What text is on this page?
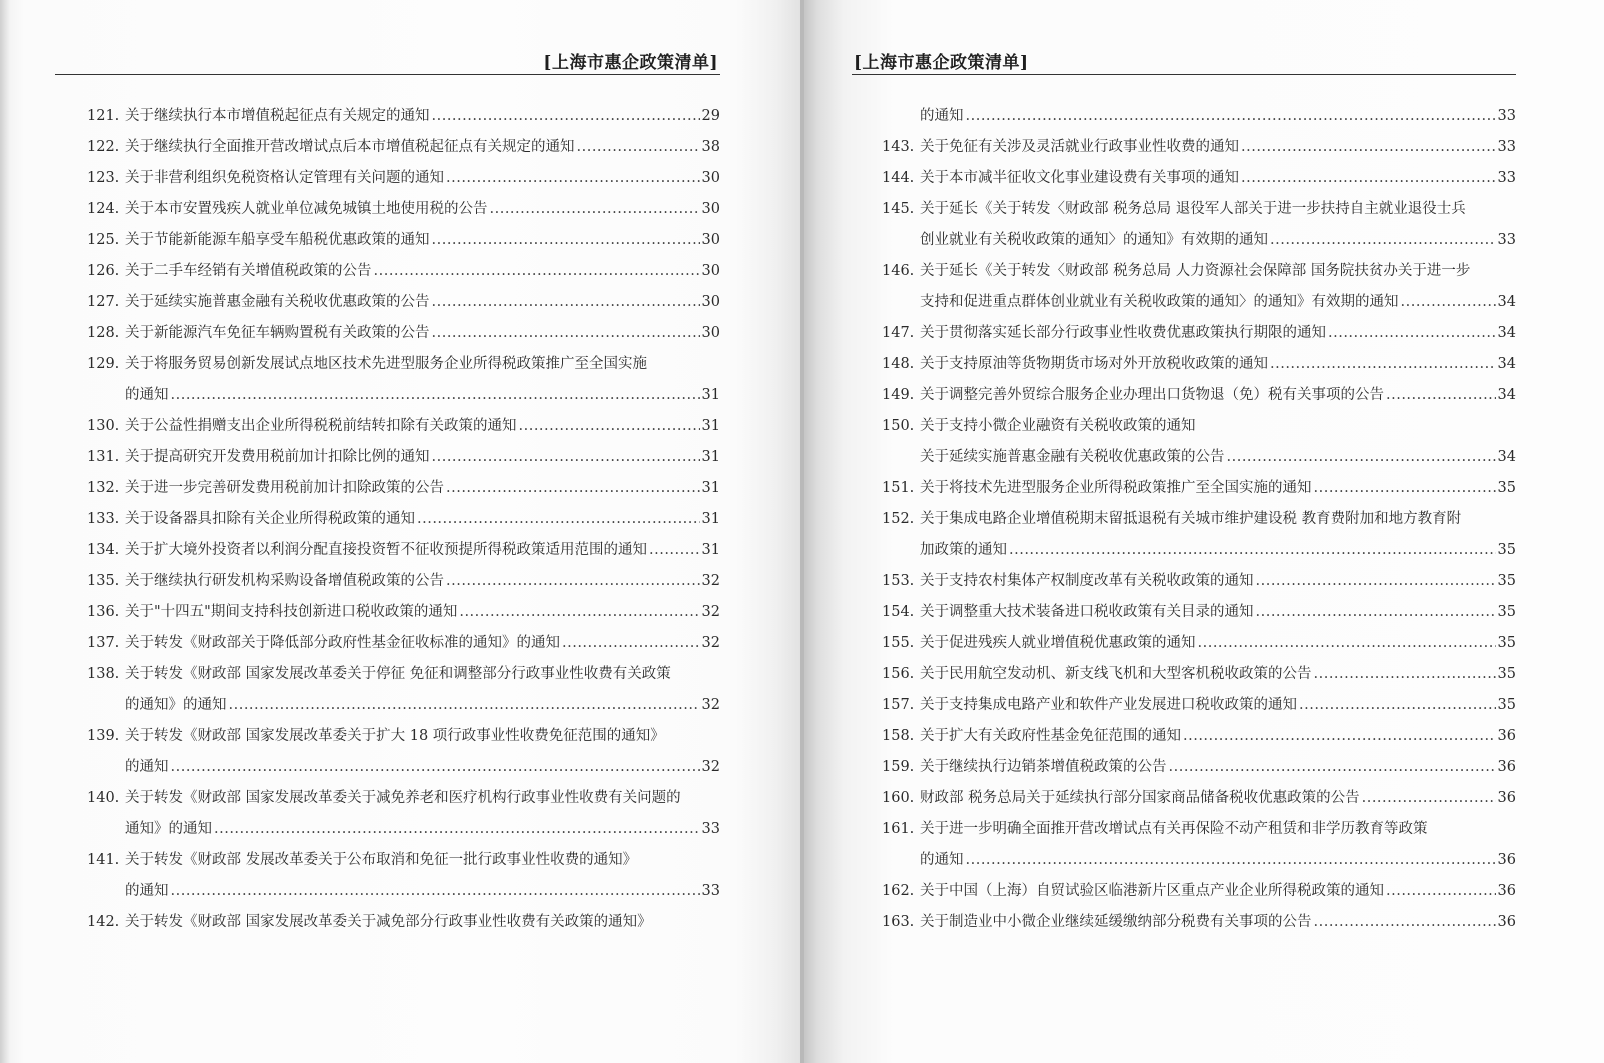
[上海市惠企政策清单]
121. 关于继续执行本市增值税起征点有关规定的通知 .....	29
122. 关于继续执行全面推开营改增试点后本市增值税起征点有关规定的通知 .....	38
123. 关于非营利组织免税资格认定管理有关问题的通知 .....	30
124. 关于本市安置残疾人就业单位减免城镇土地使用税的公告 .....	30
125. 关于节能新能源车船享受车船税优惠政策的通知 .....	30
126. 关于二手车经销有关增值税政策的公告 .....	30
127. 关于延续实施普惠金融有关税收优惠政策的公告 .....	30
128. 关于新能源汽车免征车辆购置税有关政策的公告 .....	30
129. 关于将服务贸易创新发展试点地区技术先进型服务企业所得税政策推广至全国实施
的通知 .....	31
130. 关于公益性捐赠支出企业所得税税前结转扣除有关政策的通知 .....	31
131. 关于提高研究开发费用税前加计扣除比例的通知 .....	31
132. 关于进一步完善研发费用税前加计扣除政策的公告 .....	31
133. 关于设备器具扣除有关企业所得税政策的通知 .....	31
134. 关于扩大境外投资者以利润分配直接投资暂不征收预提所得税政策适用范围的通知 .....	31
135. 关于继续执行研发机构采购设备增值税政策的公告 .....	32
136. 关于"十四五"期间支持科技创新进口税收政策的通知 .....	32
137. 关于转发《财政部关于降低部分政府性基金征收标准的通知》的通知 .....	32
138. 关于转发《财政部 国家发展改革委关于停征 免征和调整部分行政事业性收费有关政策
的通知》的通知 .....	32
139. 关于转发《财政部 国家发展改革委关于扩大 18 项行政事业性收费免征范围的通知》
的通知 .....	32
140. 关于转发《财政部 国家发展改革委关于减免养老和医疗机构行政事业性收费有关问题的
通知》的通知 .....	33
141. 关于转发《财政部 发展改革委关于公布取消和免征一批行政事业性收费的通知》
的通知 .....	33
142. 关于转发《财政部 国家发展改革委关于减免部分行政事业性收费有关政策的通知》
[上海市惠企政策清单]
的通知 .....	33
143. 关于免征有关涉及灵活就业行政事业性收费的通知 .....	33
144. 关于本市减半征收文化事业建设费有关事项的通知 .....	33
145. 关于延长《关于转发〈财政部 税务总局 退役军人部关于进一步扶持自主就业退役士兵
创业就业有关税收政策的通知〉的通知》有效期的通知 .....	33
146. 关于延长《关于转发〈财政部 税务总局 人力资源社会保障部 国务院扶贫办关于进一步
支持和促进重点群体创业就业有关税收政策的通知〉的通知》有效期的通知 .....	34
147. 关于贯彻落实延长部分行政事业性收费优惠政策执行期限的通知 .....	34
148. 关于支持原油等货物期货市场对外开放税收政策的通知 .....	34
149. 关于调整完善外贸综合服务企业办理出口货物退（免）税有关事项的公告 .....	34
150. 关于支持小微企业融资有关税收政策的通知
关于延续实施普惠金融有关税收优惠政策的公告 .....	34
151. 关于将技术先进型服务企业所得税政策推广至全国实施的通知 .....	35
152. 关于集成电路企业增值税期末留抵退税有关城市维护建设税 教育费附加和地方教育附
加政策的通知 .....	35
153. 关于支持农村集体产权制度改革有关税收政策的通知 .....	35
154. 关于调整重大技术装备进口税收政策有关目录的通知 .....	35
155. 关于促进残疾人就业增值税优惠政策的通知 .....	35
156. 关于民用航空发动机、新支线飞机和大型客机税收政策的公告 .....	35
157. 关于支持集成电路产业和软件产业发展进口税收政策的通知 .....	35
158. 关于扩大有关政府性基金免征范围的通知 .....	36
159. 关于继续执行边销茶增值税政策的公告 .....	36
160. 财政部 税务总局关于延续执行部分国家商品储备税收优惠政策的公告 .....	36
161. 关于进一步明确全面推开营改增试点有关再保险不动产租赁和非学历教育等政策
的通知 .....	36
162. 关于中国（上海）自贸试验区临港新片区重点产业企业所得税政策的通知 .....	36
163. 关于制造业中小微企业继续延缓缴纳部分税费有关事项的公告 .....	36
